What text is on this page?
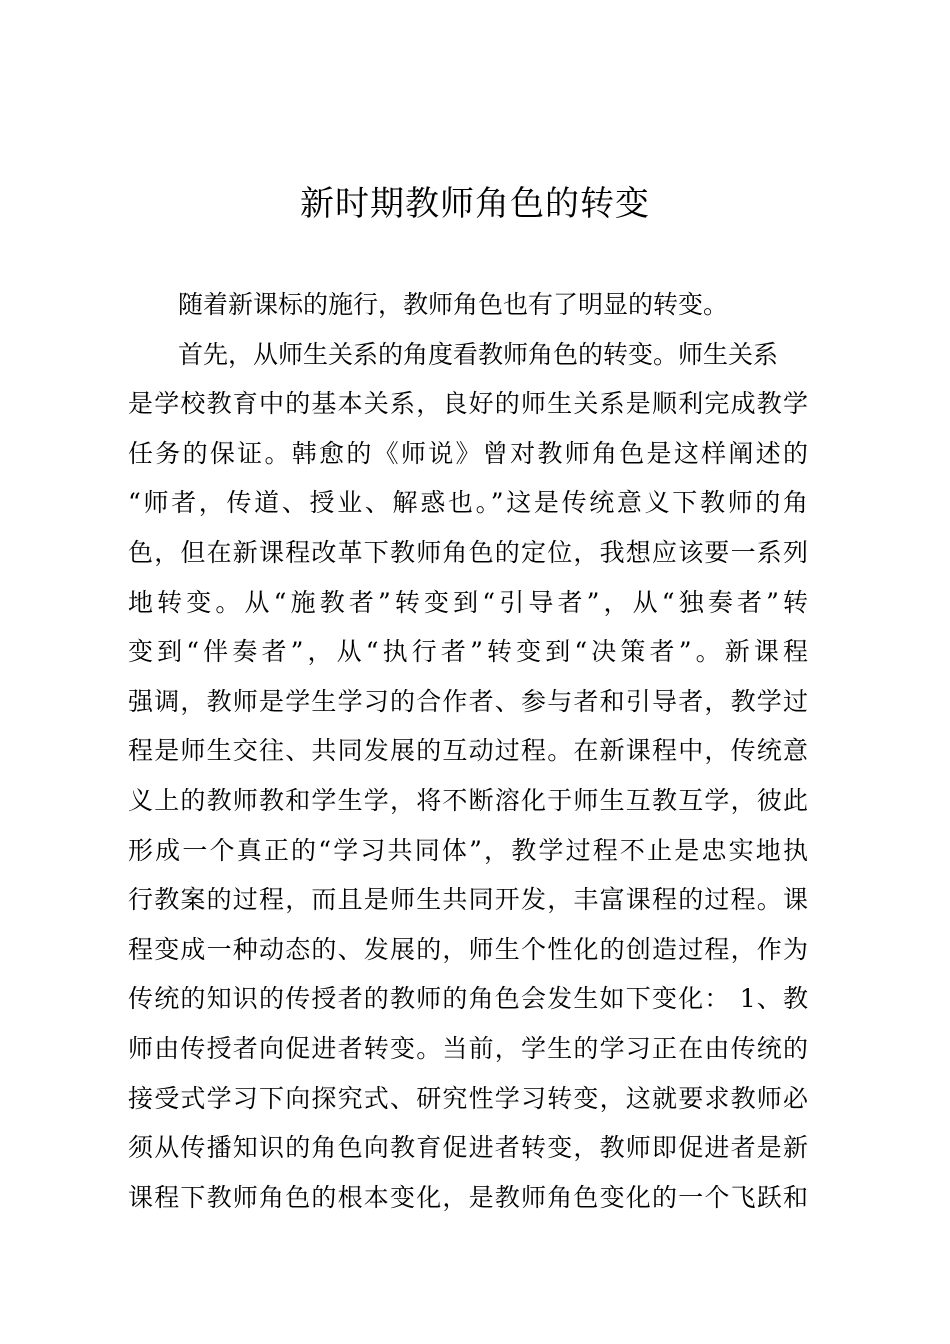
新时期教师角色的转变
随着新课标的施行，教师角色也有了明显的转变。
首先，从师生关系的角度看教师角色的转变。师生关系
是学校教育中的基本关系，良好的师生关系是顺利完成教学
任务的保证。韩愈的《师说》曾对教师角色是这样阐述的
“师者，传道、授业、解惑也。”这是传统意义下教师的角
色，但在新课程改革下教师角色的定位，我想应该要一系列
地转变。从“施教者”转变到“引导者”，从“独奏者”转
变到“伴奏者”，从“执行者”转变到“决策者”。新课程
强调，教师是学生学习的合作者、参与者和引导者，教学过
程是师生交往、共同发展的互动过程。在新课程中，传统意
义上的教师教和学生学，将不断溶化于师生互教互学，彼此
形成一个真正的“学习共同体”，教学过程不止是忠实地执
行教案的过程，而且是师生共同开发，丰富课程的过程。课
程变成一种动态的、发展的，师生个性化的创造过程，作为
传统的知识的传授者的教师的角色会发生如下变化： 1、教
师由传授者向促进者转变。当前，学生的学习正在由传统的
接受式学习下向探究式、研究性学习转变，这就要求教师必
须从传播知识的角色向教育促进者转变，教师即促进者是新
课程下教师角色的根本变化，是教师角色变化的一个飞跃和
